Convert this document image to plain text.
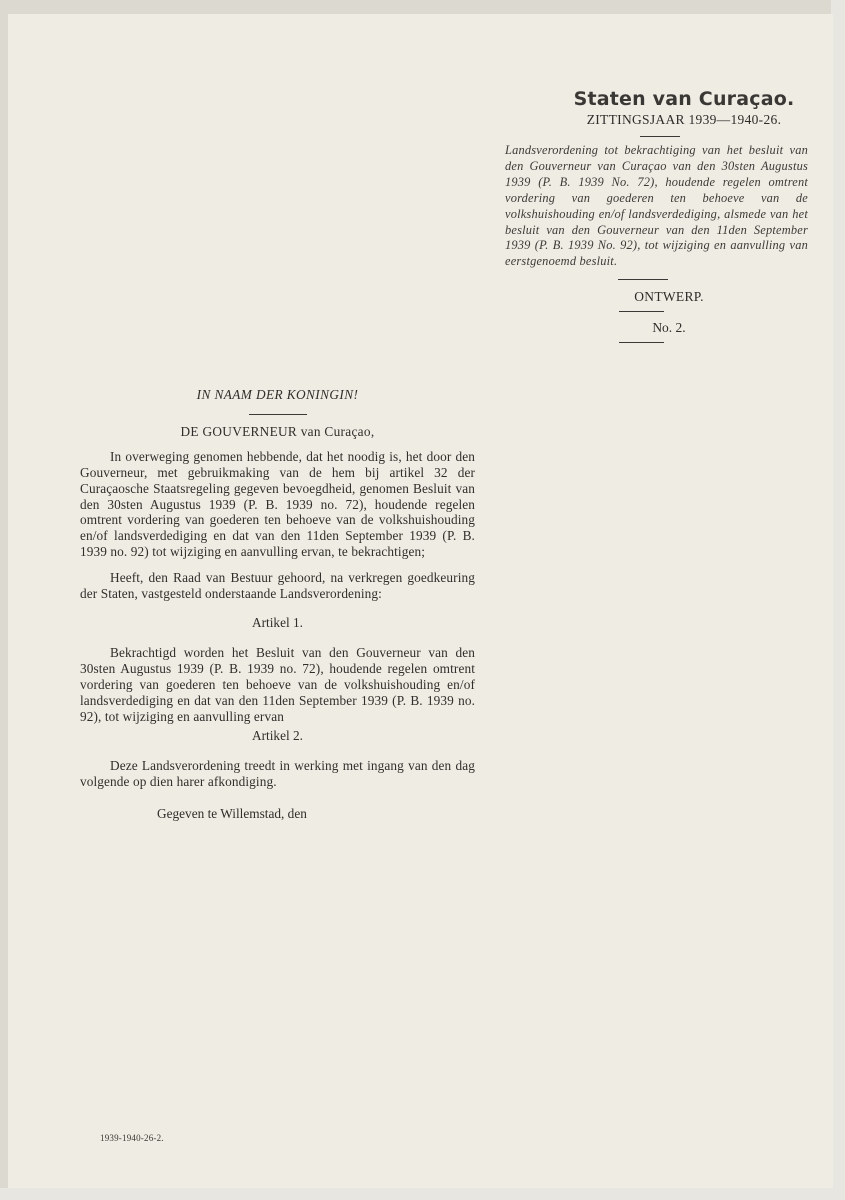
Staten van Curaçao.
ZITTINGSJAAR 1939—1940-26.
Landsverordening tot bekrachtiging van het besluit van den Gouverneur van Curaçao van den 30sten Augustus 1939 (P. B. 1939 No. 72), houdende regelen omtrent vordering van goederen ten behoeve van de volkshuishouding en/of landsverdediging, alsmede van het besluit van den Gouverneur van den 11den September 1939 (P. B. 1939 No. 92), tot wijziging en aanvulling van eerstgenoemd besluit.
ONTWERP.
No. 2.
IN NAAM DER KONINGIN!
DE GOUVERNEUR van Curaçao,
In overweging genomen hebbende, dat het noodig is, het door den Gouverneur, met gebruikmaking van de hem bij artikel 32 der Curaçaosche Staatsregeling gegeven bevoegdheid, genomen Besluit van den 30sten Augustus 1939 (P. B. 1939 no. 72), houdende regelen omtrent vordering van goederen ten behoeve van de volkshuishouding en/of landsverdediging en dat van den 11den September 1939 (P. B. 1939 no. 92) tot wijziging en aanvulling ervan, te bekrachtigen;
Heeft, den Raad van Bestuur gehoord, na verkregen goedkeuring der Staten, vastgesteld onderstaande Landsverordening:
Artikel 1.
Bekrachtigd worden het Besluit van den Gouverneur van den 30sten Augustus 1939 (P. B. 1939 no. 72), houdende regelen omtrent vordering van goederen ten behoeve van de volkshuishouding en/of landsverdediging en dat van den 11den September 1939 (P. B. 1939 no. 92), tot wijziging en aanvulling ervan
Artikel 2.
Deze Landsverordening treedt in werking met ingang van den dag volgende op dien harer afkondiging.
Gegeven te Willemstad, den
1939-1940-26-2.
